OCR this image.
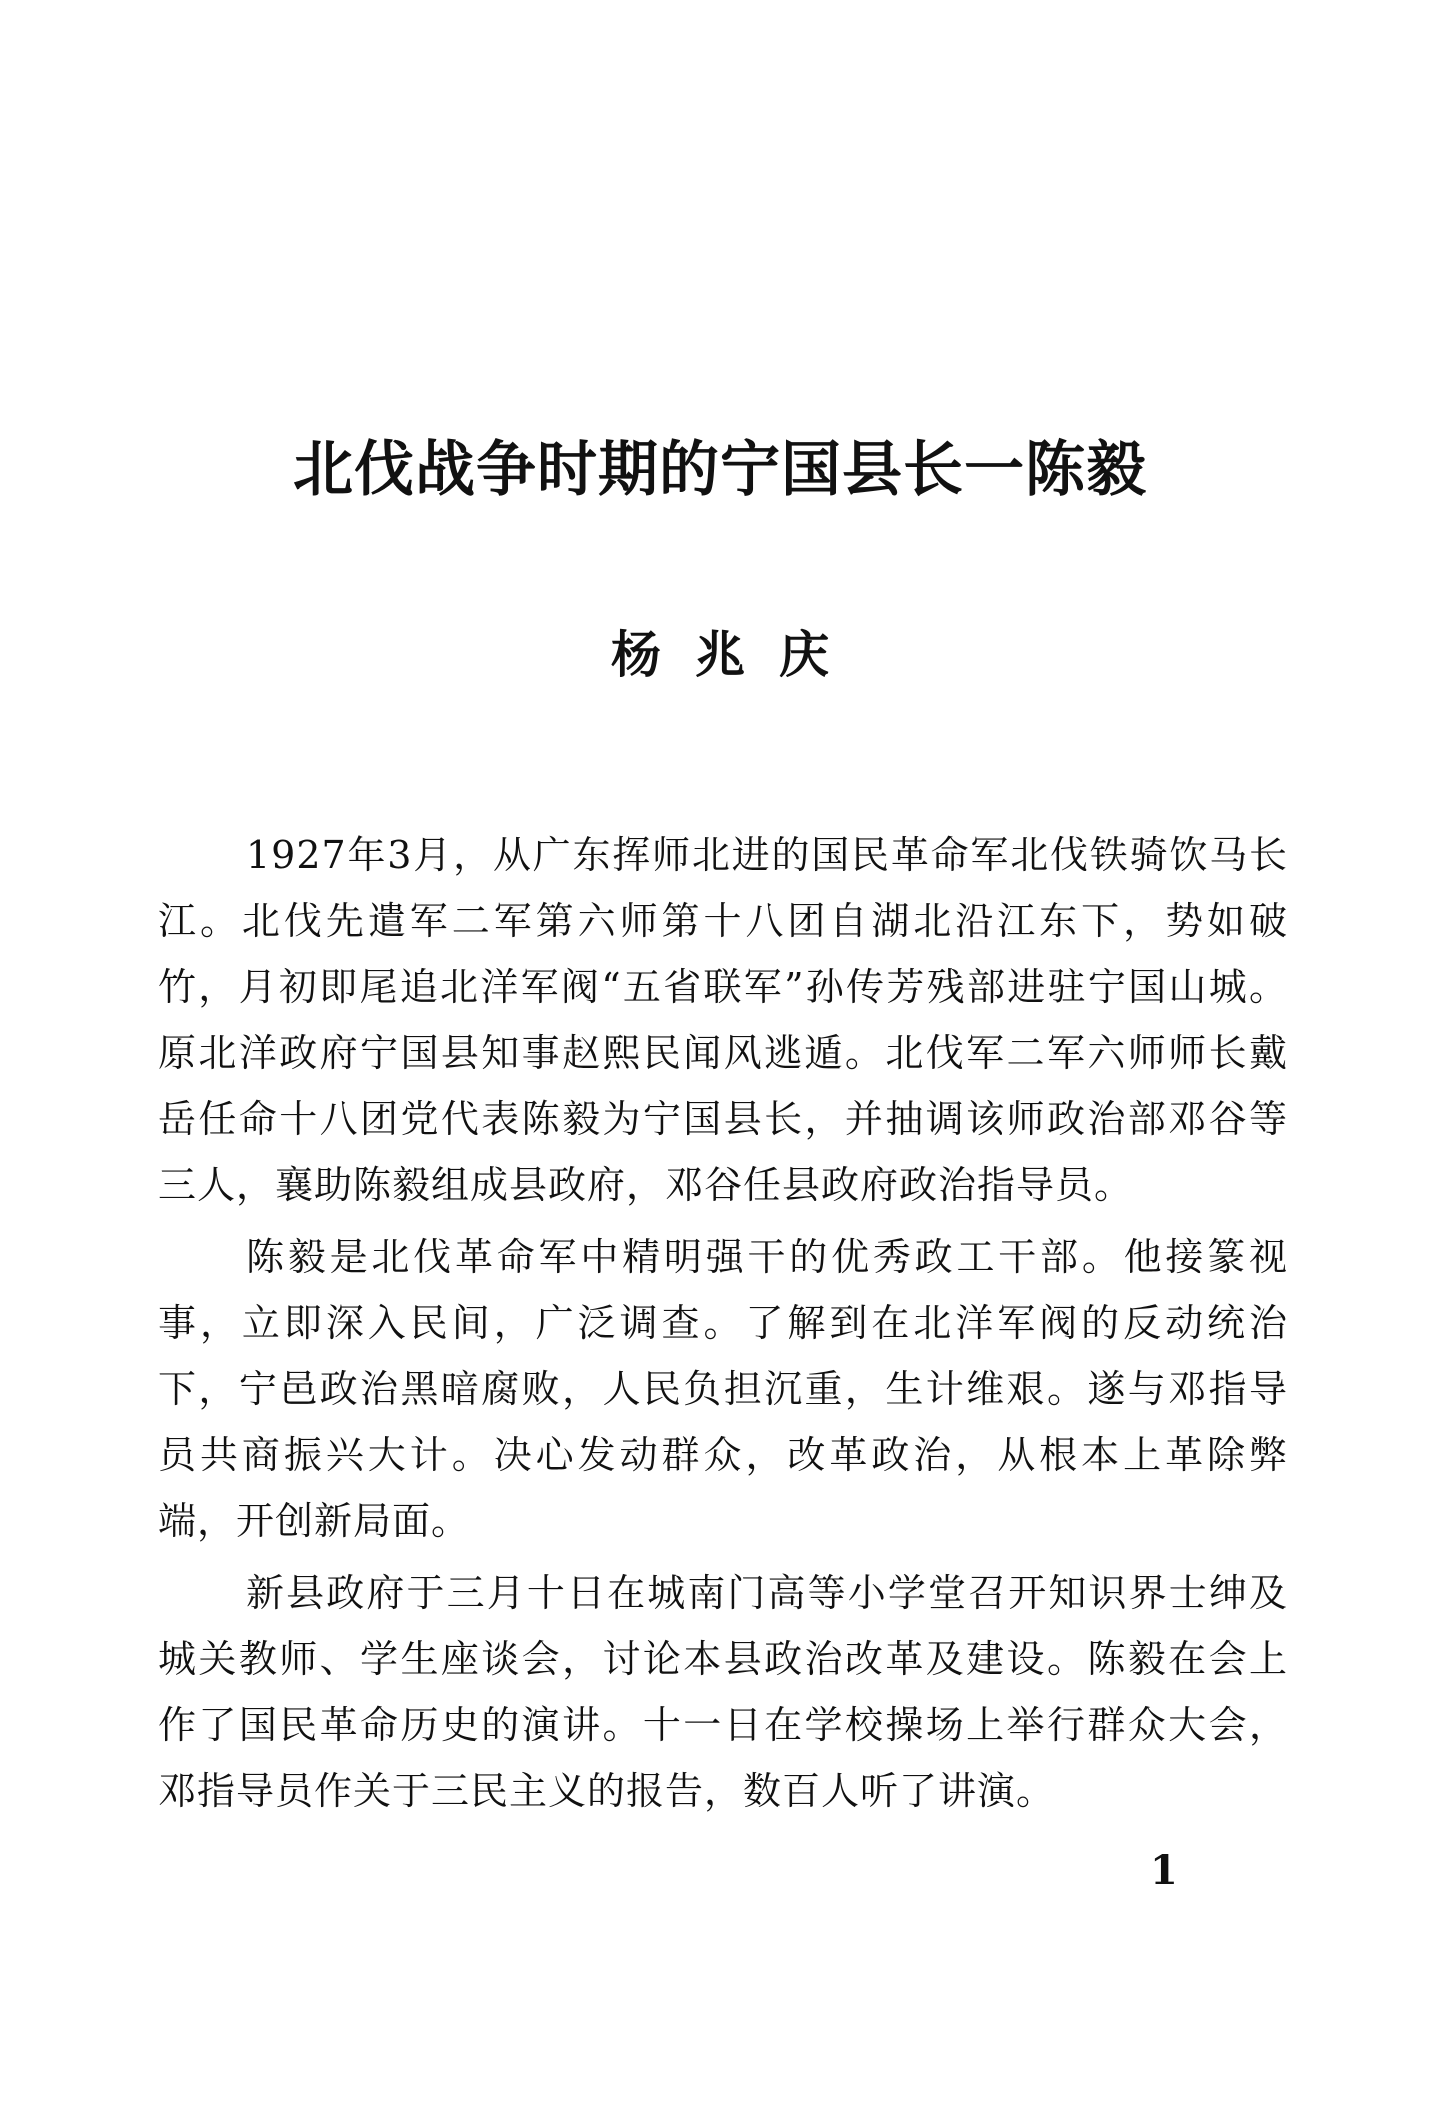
北伐战争时期的宁国县长一陈毅
杨兆庆

1927年3月，从广东挥师北进的国民革命军北伐铁骑饮马长江。北伐先遣军二军第六师第十八团自湖北沿江东下，势如破竹，月初即尾追北洋军阀“五省联军”孙传芳残部进驻宁国山城。原北洋政府宁国县知事赵熙民闻风逃遁。北伐军二军六师师长戴岳任命十八团党代表陈毅为宁国县长，并抽调该师政治部邓谷等三人，襄助陈毅组成县政府，邓谷任县政府政治指导员。

陈毅是北伐革命军中精明强干的优秀政工干部。他接篆视事，立即深入民间，广泛调查。了解到在北洋军阀的反动统治下，宁邑政治黑暗腐败，人民负担沉重，生计维艰。遂与邓指导员共商振兴大计。决心发动群众，改革政治，从根本上革除弊端，开创新局面。

新县政府于三月十日在城南门高等小学堂召开知识界士绅及城关教师、学生座谈会，讨论本县政治改革及建设。陈毅在会上作了国民革命历史的演讲。十一日在学校操场上举行群众大会，邓指导员作关于三民主义的报告，数百人听了讲演。

1
